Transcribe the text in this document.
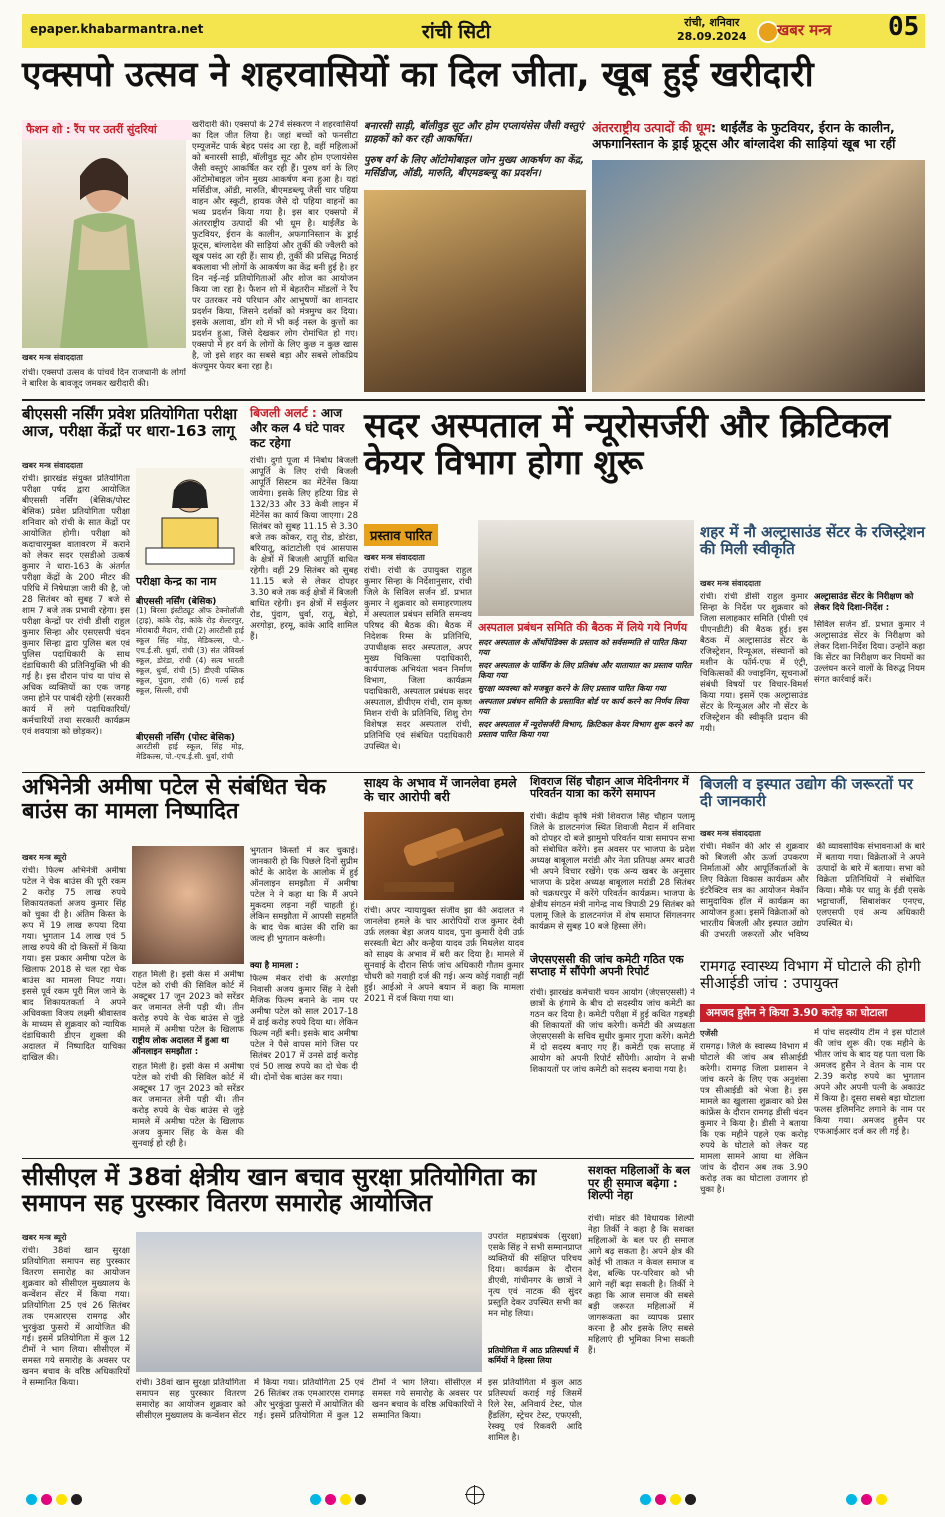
epaper.khabarmantra.net	रांची सिटी	रांची, शनिवार
28.09.2024 खबर मन्त्र 05
एक्सपो उत्सव ने शहरवासियों का दिल जीता, खूब हुई खरीदारी
फैशन शो : रैंप पर उतरीं सुंदरियां
खबर मन्त्र संवाददाता
रांची। एक्सपो उत्सव के पांचवें दिन राजधानी के लोगों ने बारिश के बावजूद जमकर खरीदारी की।
खरीदारी की। एक्सपो के 27वें संस्करण ने शहरवासियों का दिल जीत लिया है। जहां बच्चों को फनसीटा एम्यूजमेंट पार्क बेहद पसंद आ रहा है, वहीं महिलाओं को बनारसी साड़ी, बॉलीवुड सूट और होम एप्लायंसेस जैसी वस्तुएं आकर्षित कर रही हैं। पुरुष वर्ग के लिए ऑटोमोबाइल जोन मुख्य आकर्षण बना हुआ है। यहां मर्सिडीज, ऑडी, मारुति, बीएमडब्ल्यू जैसी चार पहिया वाहन और स्कूटी, हायक जैसे दो पहिया वाहनों का भव्य प्रदर्शन किया गया है। इस बार एक्सपो में अंतरराष्ट्रीय उत्पादों की भी धूम है। थाईलैंड के फुटवियर, ईरान के कालीन, अफगानिस्तान के ड्राई फ्रूट्स, बांग्लादेश की साड़ियां और तुर्की की ज्वैलरी को खूब पसंद आ रही हैं। साथ ही, तुर्की की प्रसिद्ध मिठाई बकलावा भी लोगों के आकर्षण का केंद्र बनी हुई है। हर दिन नई-नई प्रतियोगिताओं और शोज का आयोजन किया जा रहा है। फैशन शो में बेहतरीन मॉडलों ने रैंप पर उतरकर नये परिधान और आभूषणों का शानदार प्रदर्शन किया, जिसने दर्शकों को मंत्रमुग्ध कर दिया। इसके अलावा, डॉग शो में भी कई नस्ल के कुत्तों का प्रदर्शन हुआ, जिसे देखकर लोग रोमांचित हो गए। एक्सपो में हर वर्ग के लोगों के लिए कुछ न कुछ खास है, जो इसे शहर का सबसे बड़ा और सबसे लोकप्रिय कंज्यूमर फेयर बना रहा है।
बनारसी साड़ी, बॉलीवुड सूट और होम एप्लायंसेस जैसी वस्तुएं ग्राहकों को कर रही आकर्षित।
पुरुष वर्ग के लिए ऑटोमोबाइल जोन मुख्य आकर्षण का केंद्र, मर्सिडीज, ऑडी, मारुति, बीएमडब्ल्यू का प्रदर्शन।
अंतरराष्ट्रीय उत्पादों की धूम: थाईलैंड के फुटवियर, ईरान के कालीन, अफगानिस्तान के ड्राई फ्रूट्स और बांग्लादेश की साड़ियां खूब भा रहीं
बीएससी नर्सिंग प्रवेश प्रतियोगिता परीक्षा आज, परीक्षा केंद्रों पर धारा-163 लागू
खबर मन्त्र संवाददाता
रांची। झारखंड संयुक्त प्रतियोगिता परीक्षा पर्षद द्वारा आयोजित बीएससी नर्सिंग (बेसिक/पोस्ट बेसिक) प्रवेश प्रतियोगिता परीक्षा शनिवार को रांची के सात केंद्रों पर आयोजित होगी। परीक्षा को कदाचारमुक्त वातावरण में कराने को लेकर सदर एसडीओ उत्कर्ष कुमार ने धारा-163 के अंतर्गत परीक्षा केंद्रों के 200 मीटर की परिधि में निषेधाज्ञा जारी की है, जो 28 सितंबर को सुबह 7 बजे से शाम 7 बजे तक प्रभावी रहेगा। इस परीक्षा केन्द्रों पर रांची डीसी राहुल कुमार सिन्हा और एसएसपी चंदन कुमार सिन्हा द्वारा पुलिस बल एवं पुलिस पदाधिकारी के साथ दंडाधिकारी की प्रतिनियुक्ति भी की गई है। इस दौरान पांच या पांच से अधिक व्यक्तियों का एक जगह जमा होने पर पाबंदी रहेगी (सरकारी कार्य में लगे पदाधिकारियों/कर्मचारियों तथा सरकारी कार्यक्रम एवं शवयात्रा को छोड़कर)।
परीक्षा केन्द्र का नाम
बीएससी नर्सिंग (बेसिक)
(1) बिरसा इंस्टीट्यूट ऑफ टेक्नोलॉजी (ट्राइ), कांके रोड़, कांके रोड़ शेल्टरपुर, मोराबादी मैदान, रांची (2) आरटीसी हाई स्कूल सिंह मोड़, मेडिकल्स, पो.-एच.ई.सी. धुर्वा, रांची (3) संत जेवियर्स स्कूल, डोरंडा, रांची (4) सत्य भारती स्कूल, धुर्वा, रांची (5) डीएवी पब्लिक स्कूल, पुंदाग, रांची (6) गर्ल्स हाई स्कूल, सिल्ली, रांची
बीएससी नर्सिंग (पोस्ट बेसिक)
आरटीसी हाई स्कूल, सिंह मोड़, मेडिकल्स, पो.-एच.ई.सी. धुर्वा, रांची
बिजली अलर्ट : आज और कल 4 घंटे पावर कट रहेगा
रांची। दुर्गा पूजा में निर्बाध बिजली आपूर्ति के लिए रांची बिजली आपूर्ति सिस्टम का मेंटेनेंस किया जायेगा। इसके लिए हटिया ग्रिड से 132/33 और 33 केवी लाइन में मेंटेनेंस का कार्य किया जाएगा। 28 सितंबर को सुबह 11.15 से 3.30 बजे तक कोकर, रातू रोड, डोरंडा, बरियातू, कांटाटोली एवं आसपास के क्षेत्रों में बिजली आपूर्ति बाधित रहेगी। वहीं 29 सितंबर को सुबह 11.15 बजे से लेकर दोपहर 3.30 बजे तक कई क्षेत्रों में बिजली बाधित रहेगी। इन क्षेत्रों में सर्कुलर रोड, पुंदाग, धुर्वा, रातू, बेड़ो, अरगोड़ा, हरमू, कांके आदि शामिल हैं।
सदर अस्पताल में न्यूरोसर्जरी और क्रिटिकल केयर विभाग होगा शुरू
प्रस्ताव पारित
खबर मन्त्र संवाददाता
रांची। रांची के उपायुक्त राहुल कुमार सिन्हा के निर्देशानुसार, रांची जिले के सिविल सर्जन डॉ. प्रभात कुमार ने शुक्रवार को समाहरणालय में अस्पताल प्रबंधन समिति समन्वय परिषद की बैठक की। बैठक में निदेशक रिम्स के प्रतिनिधि, उपाधीक्षक सदर अस्पताल, अपर मुख्य चिकित्सा पदाधिकारी, कार्यपालक अभियंता भवन निर्माण विभाग, जिला कार्यक्रम पदाधिकारी, अस्पताल प्रबंधक सदर अस्पताल, डीपीएम रांची, राम कृष्ण मिशन रांची के प्रतिनिधि, शिशु रोग विशेषज्ञ सदर अस्पताल रांची, प्रतिनिधि एवं संबंधित पदाधिकारी उपस्थित थे।
अस्पताल प्रबंधन समिति की बैठक में लिये गये निर्णय
सदर अस्पताल के ऑर्थोपेडिक्स के प्रस्ताव को सर्वसम्मति से पारित किया गया
सदर अस्पताल के पार्किंग के लिए प्रतिबंध और यातायात का प्रस्ताव पारित किया गया
सुरक्षा व्यवस्था को मजबूत करने के लिए प्रस्ताव पारित किया गया
अस्पताल प्रबंधन समिति के प्रस्तावित बोर्ड पर कार्य करने का निर्णय लिया गया
सदर अस्पताल में न्यूरोसर्जरी विभाग, क्रिटिकल केयर विभाग शुरू करने का प्रस्ताव पारित किया गया
शहर में नौ अल्ट्रासाउंड सेंटर के रजिस्ट्रेशन की मिली स्वीकृति
खबर मन्त्र संवाददाता
रांची। रांची डीसी राहुल कुमार सिन्हा के निर्देश पर शुक्रवार को जिला सलाहकार समिति (पीसी एवं पीएनडीटी) की बैठक हुई। इस बैठक में अल्ट्रासाउंड सेंटर के रजिस्ट्रेशन, रिन्यूअल, संस्थानों को मशीन के फॉर्म-एफ में एंट्री, चिकित्सकों की ज्वाइनिंग, सूचनाओं संबंधी विषयों पर विचार-विमर्श किया गया। इसमें एक अल्ट्रासाउंड सेंटर के रिन्यूअल और नौ सेंटर के रजिस्ट्रेशन की स्वीकृति प्रदान की गयी।
अल्ट्रासाउंड सेंटर के निरीक्षण को लेकर दिये दिशा-निर्देश :
सिविल सर्जन डॉ. प्रभात कुमार ने अल्ट्रासाउंड सेंटर के निरीक्षण को लेकर दिशा-निर्देश दिया। उन्होंने कहा कि सेंटर का निरीक्षण कर नियमों का उल्लंघन करने वालों के विरुद्ध नियम संगत कार्रवाई करें।
अभिनेत्री अमीषा पटेल से संबंधित चेक बाउंस का मामला निष्पादित
खबर मन्त्र ब्यूरो
रांची। फिल्म अभिनेत्री अमीषा पटेल ने चेक बाउंस की पूरी रकम 2 करोड़ 75 लाख रुपये शिकायतकर्ता अजय कुमार सिंह को चुका दी है। अंतिम किस्त के रूप में 19 लाख रूपया दिया गया। भुगतान 14 लाख एवं 5 लाख रुपये की दो किस्तों में किया गया। इस प्रकार अमीषा पटेल के खिलाफ 2018 से चल रहा चेक बाउंस का मामला निपट गया। इससे पूर्व रकम पूरी मिल जाने के बाद शिकायतकर्ता ने अपने अधिवक्ता विजय लक्ष्मी श्रीवास्तव के माध्यम से शुक्रवार को न्यायिक दंडाधिकारी डीएन शुक्ला की अदालत में निष्पादित याचिका दाखिल की।
राहत मिली है। इसी केस में अमीषा पटेल को रांची की सिविल कोर्ट में अक्टूबर 17 जून 2023 को सरेंडर कर जमानत लेनी पड़ी थी। तीन करोड़ रुपये के चेक बाउंस से जुड़े मामले में अमीषा पटेल के खिलाफ
राष्ट्रीय लोक अदालत में हुआ था ऑनलाइन समझौता :
राहत मिली है। इसी केस में अमीषा पटेल को रांची की सिविल कोर्ट में अक्टूबर 17 जून 2023 को सरेंडर कर जमानत लेनी पड़ी थी। तीन करोड़ रुपये के चेक बाउंस से जुड़े मामले में अमीषा पटेल के खिलाफ अजय कुमार सिंह के केस की सुनवाई हो रही है।
भुगतान किस्तों में कर चुकाई। जानकारी हो कि पिछले दिनों सुप्रीम कोर्ट के आदेश के आलोक में हुई ऑनलाइन समझौता में अमीषा पटेल ने ने कहा था कि मैं अपने मुकदमा लड़ना नहीं चाहती हूं। लेकिन समझौता में आपसी सहमति के बाद चेक बाउंस की राशि का जल्द ही भुगतान करूंगी।
क्या है मामला :
फिल्म मेकर रांची के अरगोड़ा निवासी अजय कुमार सिंह ने देसी मैजिक फिल्म बनाने के नाम पर अमीषा पटेल को साल 2017-18 में ढाई करोड़ रुपये दिया था। लेकिन फिल्म नहीं बनी। इसके बाद अमीषा पटेल ने पैसे वापस मांगे जिस पर सितंबर 2017 में उनसे ढाई करोड़ एवं 50 लाख रुपये का दो चेक दी थी। दोनों चेक बाउंस कर गया।
साक्ष्य के अभाव में जानलेवा हमले के चार आरोपी बरी
रांची। अपर न्यायायुक्त संजीव झा की अदालत ने जानलेवा हमले के चार आरोपियों राज कुमार देवी उर्फ़ ललका बेड़ा अजय यादव, पुना कुमारी देवी उर्फ़ सरस्वती बेटा और कन्हैया यादव उर्फ़ मिथलेश यादव को साक्ष्य के अभाव में बरी कर दिया है। मामले में सुनवाई के दौरान सिर्फ जांच अधिकारी गौतम कुमार चौधरी को गवाही दर्ज की गई। अन्य कोई गवाही नहीं हुई। आईओ ने अपने बयान में कहा कि मामला 2021 में दर्ज किया गया था।
शिवराज सिंह चौहान आज मेदिनीनगर में परिवर्तन यात्रा का करेंगे समापन
रांची। केंद्रीय कृषि मंत्री शिवराज सिंह चौहान पलामू जिले के डालटनगंज स्थित शिवाजी मैदान में शनिवार को दोपहर दो बजे झामुमो परिवर्तन यात्रा समापन सभा को संबोधित करेंगे। इस अवसर पर भाजपा के प्रदेश अध्यक्ष बाबूलाल मरांडी और नेता प्रतिपक्ष अमर बाउरी भी अपने विचार रखेंगे। एक अन्य खबर के अनुसार भाजपा के प्रदेश अध्यक्ष बाबूलाल मरांडी 28 सितंबर को चक्रधरपुर में करेंगे परिवर्तन कार्यक्रम। भाजपा के क्षेत्रीय संगठन मंत्री नागेन्द्र नाथ त्रिपाठी 29 सितंबर को पलामू जिले के डालटनगंज में शेष समाप्त सिंगलनगर कार्यक्रम से सुबह 10 बजे हिस्सा लेंगे।
जेएसएससी की जांच कमेटी गठित एक सप्ताह में सौंपेगी अपनी रिपोर्ट
रांची। झारखंड कर्मचारी चयन आयोग (जेएसएससी) ने छात्रों के हंगामे के बीच दो सदस्यीय जांच कमेटी का गठन कर दिया है। कमेटी परीक्षा में हुई कथित गड़बड़ी की शिकायतों की जांच करेगी। कमेटी की अध्यक्षता जेएसएससी के सचिव सुधीर कुमार गुप्ता करेंगे। कमेटी में दो सदस्य बनाए गए हैं। कमेटी एक सप्ताह में आयोग को अपनी रिपोर्ट सौंपेगी। आयोग ने सभी शिकायतों पर जांच कमेटी को सदस्य बनाया गया है।
बिजली व इस्पात उद्योग की जरूरतों पर दी जानकारी
खबर मन्त्र संवाददाता
रांची। मेकॉन की ओर से शुक्रवार को बिजली और ऊर्जा उपकरण निर्माताओं और आपूर्तिकर्ताओं के लिए विक्रेता विकास कार्यक्रम और इंटरैक्टिव सत्र का आयोजन मेकॉन सामुदायिक हॉल में कार्यक्रम का आयोजन हुआ। इसमें विक्रेताओं को भारतीय बिजली और इस्पात उद्योग की उभरती जरूरतों और भविष्य की व्यावसायिक संभावनाओं के बारे में बताया गया। विक्रेताओं ने अपने उत्पादों के बारे में बताया। सभा को विक्रेता प्रतिनिधियों ने संबोधित किया। मौके पर धातु के ईडी एसके भट्टाचार्जी, सिबाशंकर एनएच, एलएसपी एवं अन्य अधिकारी उपस्थित थे।
रामगढ़ स्वास्थ्य विभाग में घोटाले की होगी सीआईडी जांच : उपायुक्त
अमजद हुसैन ने किया 3.90 करोड़ का घोटाला
एजेंसी
रामगढ़। जिले के स्वास्थ्य विभाग में घोटाले की जांच अब सीआईडी करेगी। रामगढ़ जिला प्रशासन ने जांच करने के लिए एक अनुशंसा पत्र सीआईडी को भेजा है। इस मामले का खुलासा शुक्रवार को प्रेस कांफ्रेंस के दौरान रामगढ़ डीसी चंदन कुमार ने किया है। डीसी ने बताया कि एक महीने पहले एक करोड़ रुपये के घोटाले को लेकर यह मामला सामने आया था लेकिन जांच के दौरान अब तक 3.90 करोड़ तक का घोटाला उजागर हो चुका है।
में पांच सदस्यीय टीम ने इस घोटाले की जांच शुरू की। एक महीने के भीतर जांच के बाद यह पता चला कि अमजद हुसैन ने वेतन के नाम पर 2.39 करोड़ रुपये का भुगतान अपने और अपनी पत्नी के अकाउंट में किया है। दूसरा सबसे बड़ा घोटाला फलस इलिमनिट लगाने के नाम पर किया गया। अमजद हुसैन पर एफआईआर दर्ज कर ली गई है।
सीसीएल में 38वां क्षेत्रीय खान बचाव सुरक्षा प्रतियोगिता का समापन सह पुरस्कार वितरण समारोह आयोजित
खबर मन्त्र ब्यूरो
रांची। 38वां खान सुरक्षा प्रतियोगिता समापन सह पुरस्कार वितरण समारोह का आयोजन शुक्रवार को सीसीएल मुख्यालय के कन्वेंशन सेंटर में किया गया। प्रतियोगिता 25 एवं 26 सितंबर तक एमआरएस रामगढ़ और भुरकुंडा फुसरो में आयोजित की गई। इसमें प्रतियोगिता में कुल 12 टीमों ने भाग लिया। सीसीएल में समस्त गये समारोह के अवसर पर खनन बचाव के वरिष्ठ अधिकारियों ने सम्मानित किया।	रांची। 38वां खान सुरक्षा प्रतियोगिता समापन सह पुरस्कार वितरण समारोह का आयोजन शुक्रवार को सीसीएल मुख्यालय के कन्वेंशन सेंटर में किया गया। प्रतियोगिता 25 एवं 26 सितंबर तक एमआरएस रामगढ़ और भुरकुंडा फुसरो में आयोजित की गई। इसमें प्रतियोगिता में कुल 12 टीमों ने भाग लिया। सीसीएल में समस्त गये समारोह के अवसर पर खनन बचाव के वरिष्ठ अधिकारियों ने सम्मानित किया।
उपरांत महाप्रबंधक (सुरक्षा) एसके सिंह ने सभी सम्मानप्राप्त व्यक्तियों की संक्षिप्त परिचय दिया। कार्यक्रम के दौरान डीएवी, गांधीनगर के छात्रों ने नृत्य एवं नाटक की सुंदर प्रस्तुति देकर उपस्थित सभी का मन मोह लिया।
प्रतियोगिता में आठ प्रतिस्पर्धा में कर्मियों ने हिस्सा लिया
इस प्रतियोगिता में कुल आठ प्रतिस्पर्धा कराई गई जिसमें रिले रेस, अनिवार्य टेस्ट, पोल हैंडलिंग, स्ट्रेचर टेस्ट, एफएसी, रेस्क्यू एवं रिकवरी आदि शामिल है।
सशक्त महिलाओं के बल पर ही समाज बढ़ेगा : शिल्पी नेहा
रांची। मांडर की विधायक शिल्पी नेहा तिर्की ने कहा है कि सशक्त महिलाओं के बल पर ही समाज आगे बढ़ सकता है। अपने क्षेत्र की कोई भी ताकत न केवल समाज व देश, बल्कि पर-परिवार को भी आगे नहीं बढ़ा सकती है। तिर्की ने कहा कि आज समाज की सबसे बड़ी जरूरत महिलाओं में जागरूकता का व्यापक प्रसार करना है और इसके लिए सबसे महिलाएं ही भूमिका निभा सकती हैं।
